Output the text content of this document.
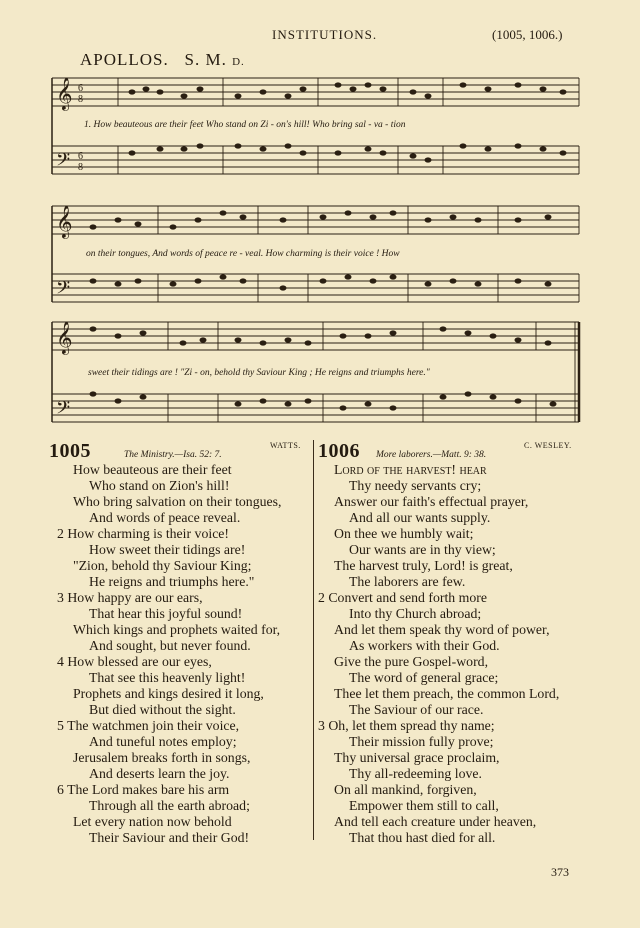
INSTITUTIONS.	(1005, 1006.)
APOLLOS. S. M. D.
𝄞
𝄢
6
8
6
8
1. How beauteous are their feet Who stand on Zi - on's hill! Who bring sal - va - tion
𝄞
𝄢
on their tongues, And words of peace re - veal. How charming is their voice ! How
𝄞
𝄢
sweet their tidings are ! "Zi - on, behold thy Saviour King ; He reigns and triumphs here."
1005	The Ministry.—Isa. 52: 7.
WATTS. 1006 More laborers.—Matt. 9: 38.
C. WESLEY.
How beauteous are their feet
Who stand on Zion's hill!
Who bring salvation on their tongues,
And words of peace reveal.
2 How charming is their voice!
How sweet their tidings are!
"Zion, behold thy Saviour King;
He reigns and triumphs here."
3 How happy are our ears,
That hear this joyful sound!
Which kings and prophets waited for,
And sought, but never found.
4 How blessed are our eyes,
That see this heavenly light!
Prophets and kings desired it long,
But died without the sight.
5 The watchmen join their voice,
And tuneful notes employ;
Jerusalem breaks forth in songs,
And deserts learn the joy.
6 The Lord makes bare his arm
Through all the earth abroad;
Let every nation now behold
Their Saviour and their God!
Lord of the harvest! hear
Thy needy servants cry;
Answer our faith's effectual prayer,
And all our wants supply.
On thee we humbly wait;
Our wants are in thy view;
The harvest truly, Lord! is great,
The laborers are few.
2 Convert and send forth more
Into thy Church abroad;
And let them speak thy word of power,
As workers with their God.
Give the pure Gospel-word,
The word of general grace;
Thee let them preach, the common Lord,
The Saviour of our race.
3 Oh, let them spread thy name;
Their mission fully prove;
Thy universal grace proclaim,
Thy all-redeeming love.
On all mankind, forgiven,
Empower them still to call,
And tell each creature under heaven,
That thou hast died for all.
373
